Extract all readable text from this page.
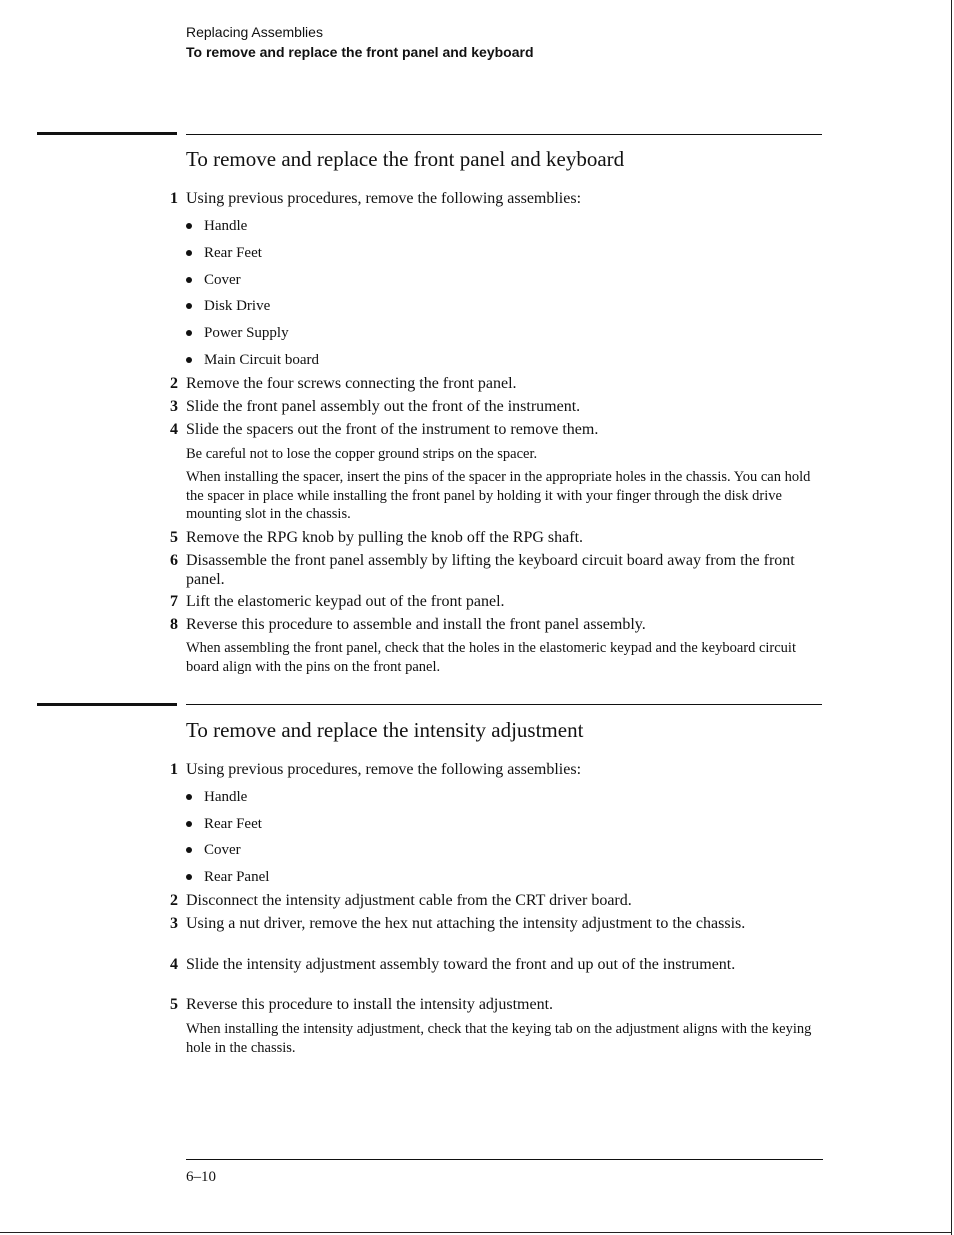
Replacing Assemblies
To remove and replace the front panel and keyboard
To remove and replace the front panel and keyboard
1 Using previous procedures, remove the following assemblies:
Handle
Rear Feet
Cover
Disk Drive
Power Supply
Main Circuit board
2 Remove the four screws connecting the front panel.
3 Slide the front panel assembly out the front of the instrument.
4 Slide the spacers out the front of the instrument to remove them.
Be careful not to lose the copper ground strips on the spacer.
When installing the spacer, insert the pins of the spacer in the appropriate holes in the chassis. You can hold the spacer in place while installing the front panel by holding it with your finger through the disk drive mounting slot in the chassis.
5 Remove the RPG knob by pulling the knob off the RPG shaft.
6 Disassemble the front panel assembly by lifting the keyboard circuit board away from the front panel.
7 Lift the elastomeric keypad out of the front panel.
8 Reverse this procedure to assemble and install the front panel assembly.
When assembling the front panel, check that the holes in the elastomeric keypad and the keyboard circuit board align with the pins on the front panel.
To remove and replace the intensity adjustment
1 Using previous procedures, remove the following assemblies:
Handle
Rear Feet
Cover
Rear Panel
2 Disconnect the intensity adjustment cable from the CRT driver board.
3 Using a nut driver, remove the hex nut attaching the intensity adjustment to the chassis.
4 Slide the intensity adjustment assembly toward the front and up out of the instrument.
5 Reverse this procedure to install the intensity adjustment.
When installing the intensity adjustment, check that the keying tab on the adjustment aligns with the keying hole in the chassis.
6–10
